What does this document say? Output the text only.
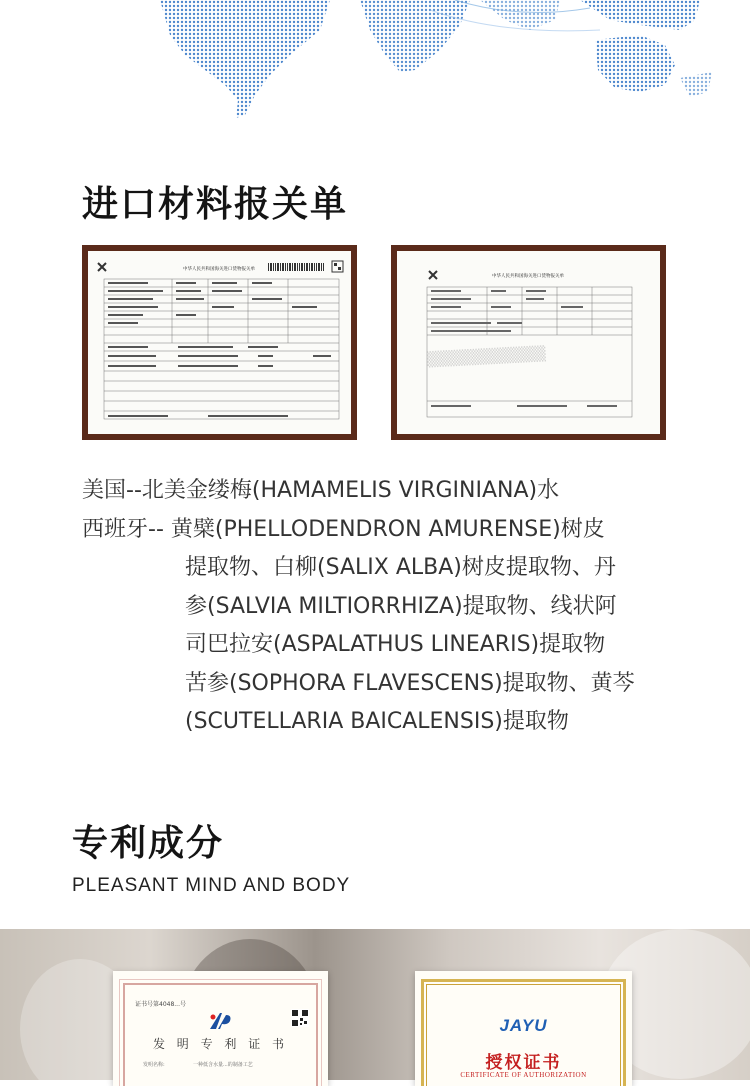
进口材料报关单
中华人民共和国海关进口货物报关单
中华人民共和国海关进口货物报关单
▒▒▒▒▒▒▒▒▒▒▒
美国-- 北美金缕梅(HAMAMELIS VIRGINIANA)水
西班牙-- 黄檗(PHELLODENDRON AMURENSE)树皮
提取物、白柳(SALIX ALBA)树皮提取物、丹
参(SALVIA MILTIORRHIZA)提取物、线状阿
司巴拉安(ASPALATHUS LINEARIS)提取物
苦参(SOPHORA FLAVESCENS)提取物、黄芩
(SCUTELLARIA BAICALENSIS)提取物
专利成分
PLEASANT MIND AND BODY
证书号第4048...号
发 明 专 利 证 书
发明名称:	一种低含水量...的制备工艺
JAYU
授权证书
CERTIFICATE OF AUTHORIZATION
